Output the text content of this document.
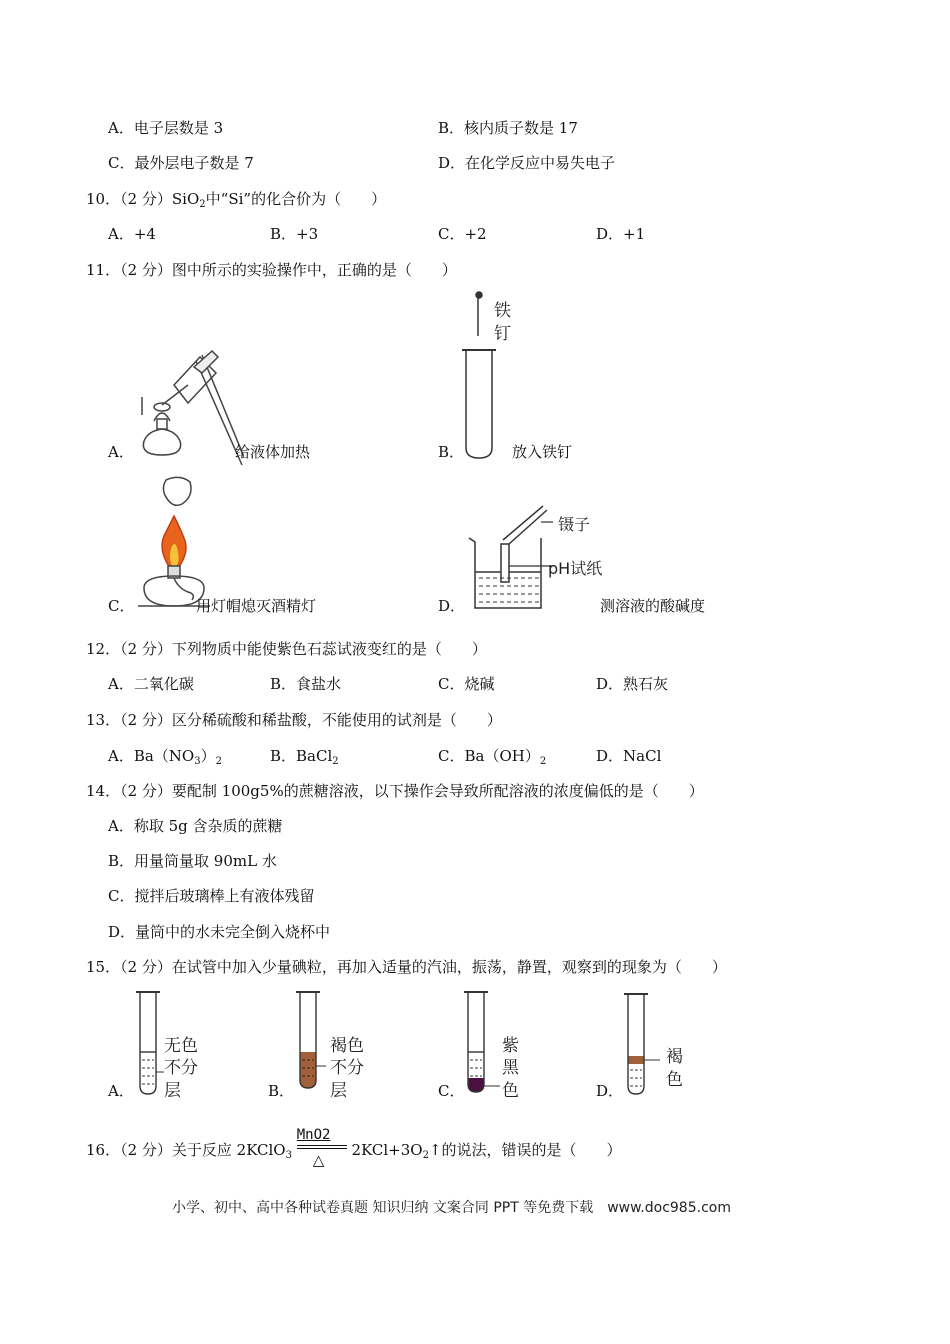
A．电子层数是 3	B．核内质子数是 17
C．最外层电子数是 7	D．在化学反应中易失电子
10．（2 分）SiO$_2$中“Si”的化合价为（　　）
A．+4	B．+3	C．+2	D．+1
11．（2 分）图中所示的实验操作中，正确的是（　　）
A．	给液体加热
铁
钉
B．	放入铁钉
C．	用灯帽熄灭酒精灯
镊子
pH试纸
D．	测溶液的酸碱度
12．（2 分）下列物质中能使紫色石蕊试液变红的是（　　）
A．二氧化碳	B．食盐水	C．烧碱	D．熟石灰
13．（2 分）区分稀硫酸和稀盐酸，不能使用的试剂是（　　）
A．$Ba(NO_3)_2$	B．BaCl$_2$	C．$Ba(OH)_2$	D．NaCl
14．（2 分）要配制 100g5%的蔗糖溶液，以下操作会导致所配溶液的浓度偏低的是（　　）
A．称取 5g 含杂质的蔗糖
B．用量筒量取 90mL 水
C．搅拌后玻璃棒上有液体残留
D．量筒中的水未完全倒入烧杯中
15．（2 分）在试管中加入少量碘粒，再加入适量的汽油，振荡，静置，观察到的现象为（　　）
无色
不分
层
A．
褐色
不分
层
B．
紫
黑
色
C．
褐
色
D．
16．（2 分）关于反应 2KClO$_3$
MnO2
△
$2KCl+3O_2↑$的说法，错误的是（　　）
小学、初中、高中各种试卷真题 知识归纳 文案合同 PPT 等免费下载　www.doc985.com
